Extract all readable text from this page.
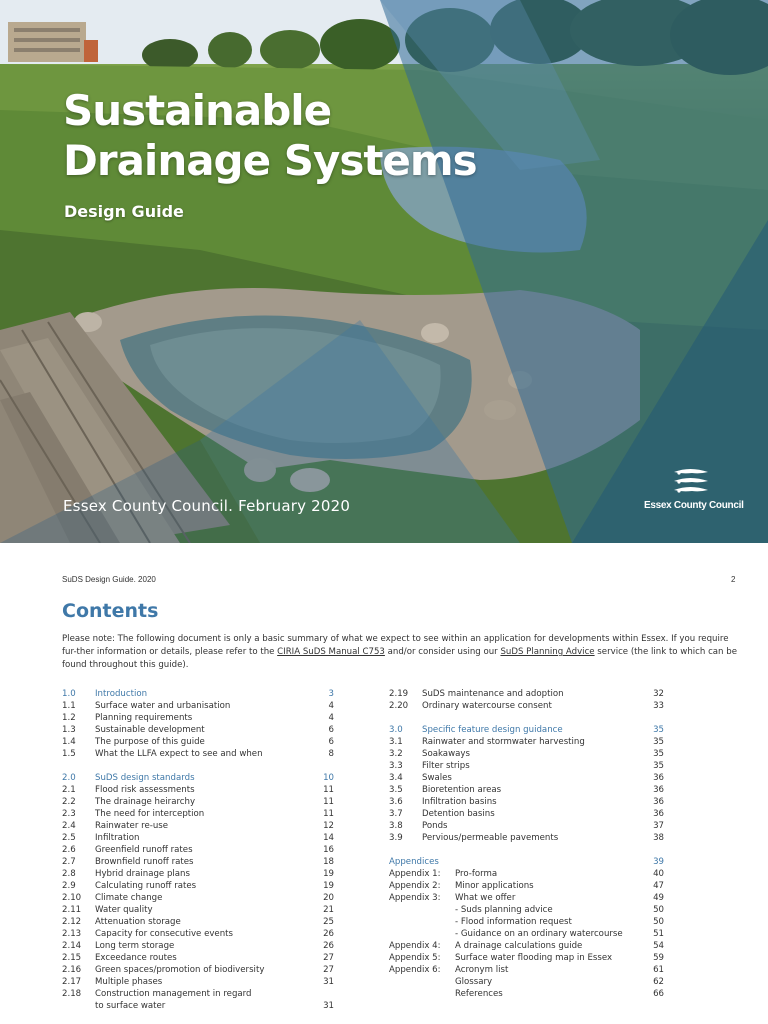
Sustainable
Drainage Systems
Design Guide
Essex County Council. February 2020	Essex County Council
SuDS Design Guide. 2020	2
Contents

Please note: The following document is only a basic summary of what we expect to see within an application for developments within Essex. If you require fur-ther information or details, please refer to the CIRIA SuDS Manual C753 and/or consider using our SuDS Planning Advice service (the link to which can be found throughout this guide).

1.0 Introduction	3
1.1 Surface water and urbanisation	4
1.2 Planning requirements	4
1.3 Sustainable development	6
1.4 The purpose of this guide	6
1.5 What the LLFA expect to see and when	8
2.0 SuDS design standards	10
2.1 Flood risk assessments	11
2.2 The drainage heirarchy	11
2.3 The need for interception	11
2.4 Rainwater re-use	12
2.5 Infiltration	14
2.6 Greenfield runoff rates	16
2.7 Brownfield runoff rates	18
2.8 Hybrid drainage plans	19
2.9 Calculating runoff rates	19
2.10 Climate change	20
2.11 Water quality	21
2.12 Attenuation storage	25
2.13 Capacity for consecutive events	26
2.14 Long term storage	26
2.15 Exceedance routes	27
2.16 Green spaces/promotion of biodiversity	27
2.17 Multiple phases	31
2.18 Construction management in regard
to surface water	31
2.19 SuDS maintenance and adoption	32
2.20 Ordinary watercourse consent	33
3.0 Specific feature design guidance	35
3.1 Rainwater and stormwater harvesting	35
3.2 Soakaways	35
3.3 Filter strips	35
3.4 Swales	36
3.5 Bioretention areas	36
3.6 Infiltration basins	36
3.7 Detention basins	36
3.8 Ponds	37
3.9 Pervious/permeable pavements	38
Appendices	39
Appendix 1: Pro-forma	40
Appendix 2: Minor applications	47
Appendix 3: What we offer	49
- Suds planning advice	50
- Flood information request	50
- Guidance on an ordinary watercourse	51
Appendix 4: A drainage calculations guide	54
Appendix 5: Surface water flooding map in Essex	59
Appendix 6: Acronym list	61
Glossary	62
References	66
